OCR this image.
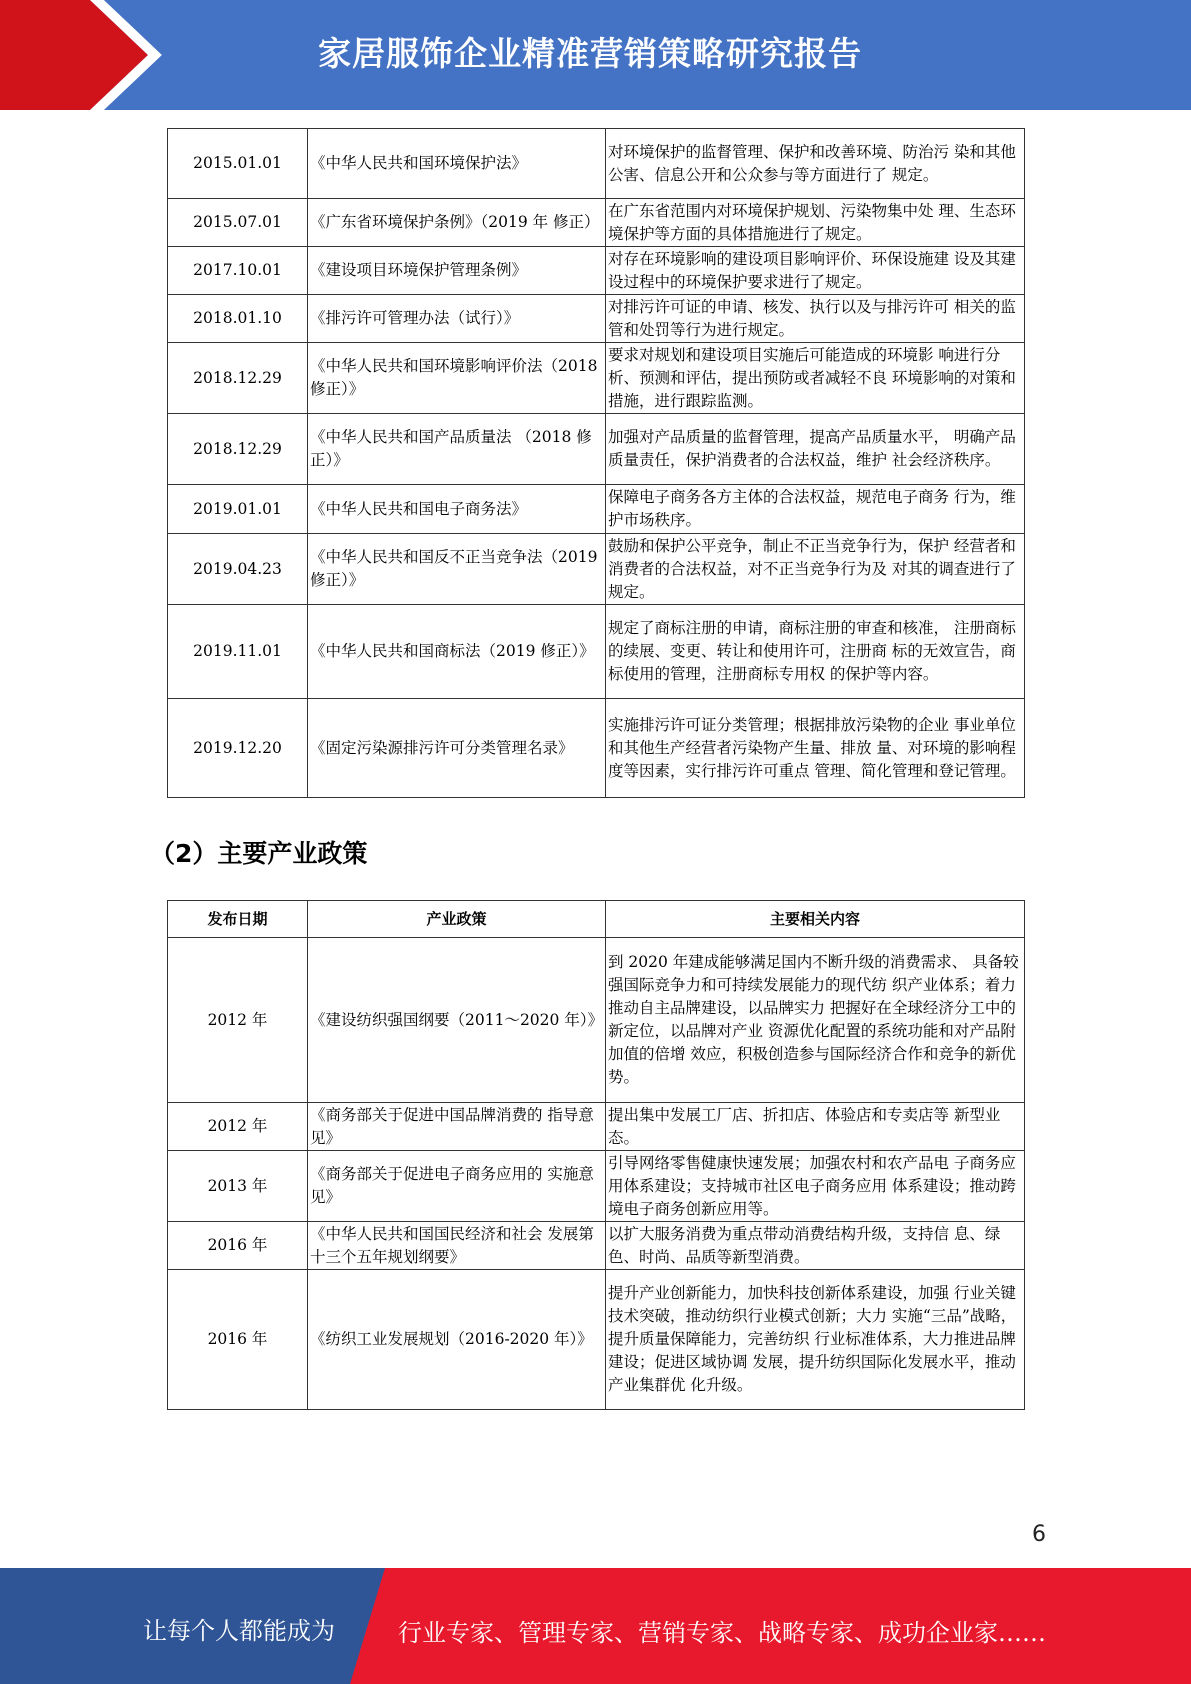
家居服饰企业精准营销策略研究报告
2015.01.01	《中华人民共和国环境保护法》	对环境保护的监督管理、保护和改善环境、防治污 染和其他公害、信息公开和公众参与等方面进行了 规定。
2015.07.01	《广东省环境保护条例》（2019 年 修正）	在广东省范围内对环境保护规划、污染物集中处 理、生态环境保护等方面的具体措施进行了规定。
2017.10.01	《建设项目环境保护管理条例》	对存在环境影响的建设项目影响评价、环保设施建 设及其建设过程中的环境保护要求进行了规定。
2018.01.10	《排污许可管理办法（试行）》	对排污许可证的申请、核发、执行以及与排污许可 相关的监管和处罚等行为进行规定。
2018.12.29	《中华人民共和国环境影响评价法（2018 修正）》	要求对规划和建设项目实施后可能造成的环境影 响进行分析、预测和评估，提出预防或者减轻不良 环境影响的对策和措施，进行跟踪监测。
2018.12.29	《中华人民共和国产品质量法 （2018 修正）》	加强对产品质量的监督管理，提高产品质量水平， 明确产品质量责任，保护消费者的合法权益，维护 社会经济秩序。
2019.01.01	《中华人民共和国电子商务法》	保障电子商务各方主体的合法权益，规范电子商务 行为，维护市场秩序。
2019.04.23	《中华人民共和国反不正当竞争法（2019 修正）》	鼓励和保护公平竞争，制止不正当竞争行为，保护 经营者和消费者的合法权益，对不正当竞争行为及 对其的调查进行了规定。
2019.11.01	《中华人民共和国商标法（2019 修正）》	规定了商标注册的申请，商标注册的审查和核准， 注册商标的续展、变更、转让和使用许可，注册商 标的无效宣告，商标使用的管理，注册商标专用权 的保护等内容。
2019.12.20	《固定污染源排污许可分类管理名录》	实施排污许可证分类管理；根据排放污染物的企业 事业单位和其他生产经营者污染物产生量、排放 量、对环境的影响程度等因素，实行排污许可重点 管理、简化管理和登记管理。
（2）主要产业政策
发布日期	产业政策	主要相关内容
2012 年	《建设纺织强国纲要（2011～2020 年）》	到 2020 年建成能够满足国内不断升级的消费需求、 具备较强国际竞争力和可持续发展能力的现代纺 织产业体系；着力推动自主品牌建设，以品牌实力 把握好在全球经济分工中的新定位，以品牌对产业 资源优化配置的系统功能和对产品附加值的倍增 效应，积极创造参与国际经济合作和竞争的新优 势。
2012 年	《商务部关于促进中国品牌消费的 指导意见》	提出集中发展工厂店、折扣店、体验店和专卖店等 新型业态。
2013 年	《商务部关于促进电子商务应用的 实施意见》	引导网络零售健康快速发展；加强农村和农产品电 子商务应用体系建设；支持城市社区电子商务应用 体系建设；推动跨境电子商务创新应用等。
2016 年	《中华人民共和国国民经济和社会 发展第十三个五年规划纲要》	以扩大服务消费为重点带动消费结构升级，支持信 息、绿色、时尚、品质等新型消费。
2016 年	《纺织工业发展规划（2016-2020 年）》	提升产业创新能力，加快科技创新体系建设，加强 行业关键技术突破，推动纺织行业模式创新；大力 实施“三品”战略，提升质量保障能力，完善纺织 行业标准体系，大力推进品牌建设；促进区域协调 发展，提升纺织国际化发展水平，推动产业集群优 化升级。
6
让每个人都能成为	行业专家、管理专家、营销专家、战略专家、成功企业家……
